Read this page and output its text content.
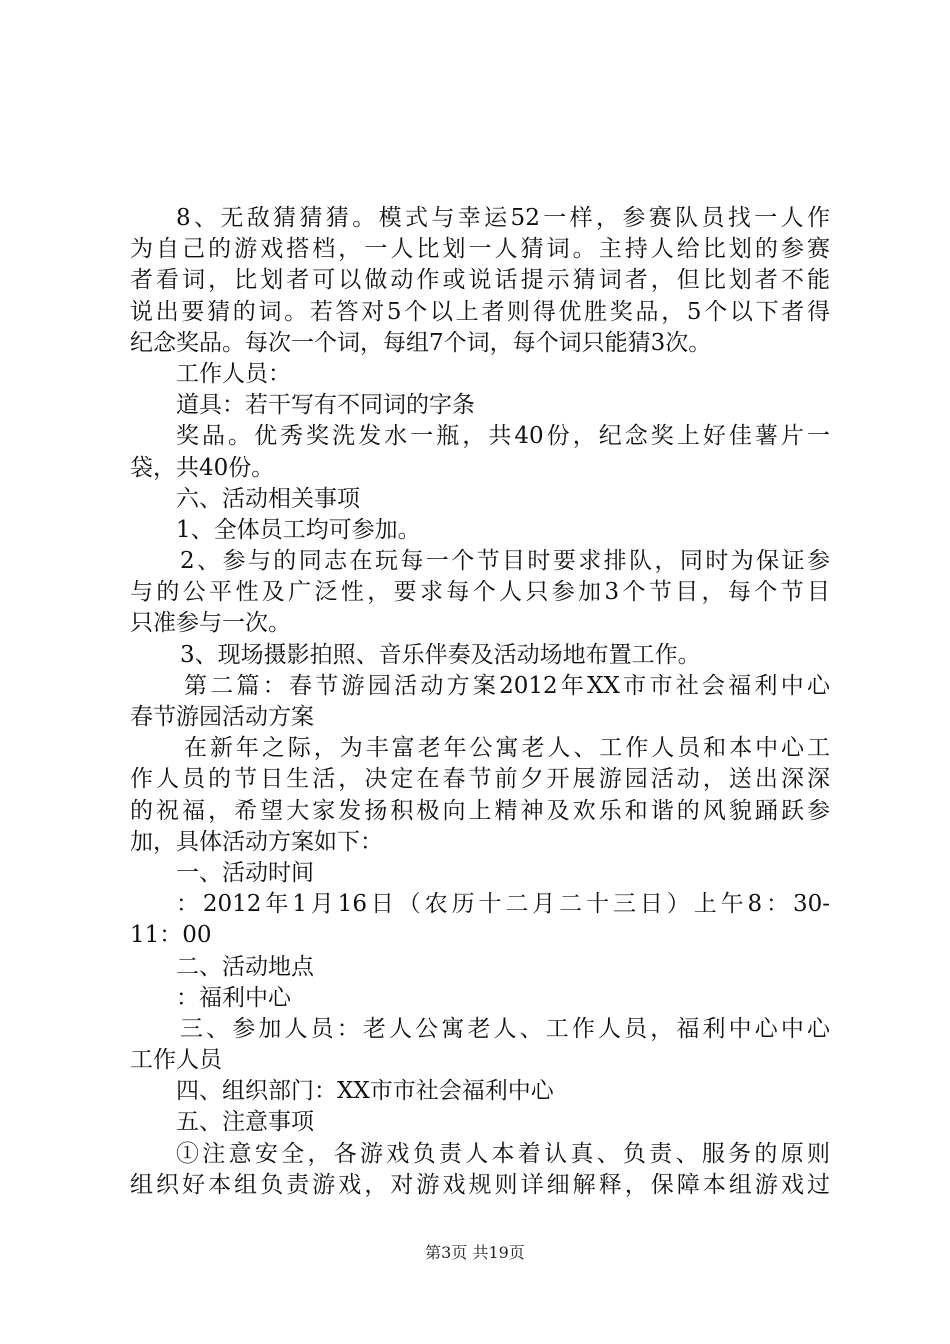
8、无敌猜猜猜。模式与幸运52一样，参赛队员找一人作
为自己的游戏搭档，一人比划一人猜词。主持人给比划的参赛
者看词，比划者可以做动作或说话提示猜词者，但比划者不能
说出要猜的词。若答对5个以上者则得优胜奖品，5个以下者得
纪念奖品。每次一个词，每组7个词，每个词只能猜3次。
工作人员：
道具：若干写有不同词的字条
奖品。优秀奖洗发水一瓶，共40份，纪念奖上好佳薯片一
袋，共40份。
六、活动相关事项
1、全体员工均可参加。
2、参与的同志在玩每一个节目时要求排队，同时为保证参
与的公平性及广泛性，要求每个人只参加3个节目，每个节目
只准参与一次。
3、现场摄影拍照、音乐伴奏及活动场地布置工作。
第二篇：春节游园活动方案2012年XX市市社会福利中心
春节游园活动方案
在新年之际，为丰富老年公寓老人、工作人员和本中心工
作人员的节日生活，决定在春节前夕开展游园活动，送出深深
的祝福，希望大家发扬积极向上精神及欢乐和谐的风貌踊跃参
加，具体活动方案如下：
一、活动时间
：2012年1月16日（农历十二月二十三日）上午8：30-
11：00
二、活动地点
：福利中心
三、参加人员：老人公寓老人、工作人员，福利中心中心
工作人员
四、组织部门：XX市市社会福利中心
五、注意事项
①注意安全，各游戏负责人本着认真、负责、服务的原则
组织好本组负责游戏，对游戏规则详细解释，保障本组游戏过
第3页 共19页
